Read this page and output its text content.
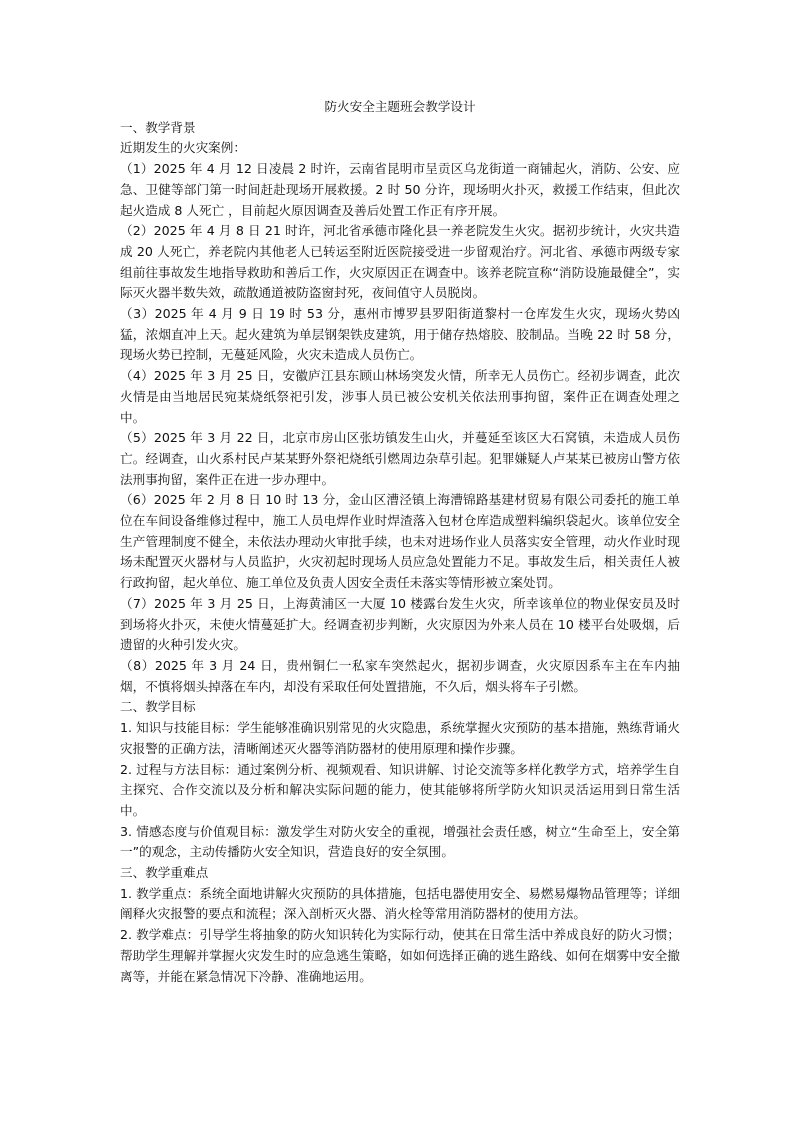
防火安全主题班会教学设计

一、教学背景

近期发生的火灾案例：

（1）2025 年 4 月 12 日凌晨 2 时许，云南省昆明市呈贡区乌龙街道一商铺起火，消防、公安、应急、卫健等部门第一时间赶赴现场开展救援。2 时 50 分许，现场明火扑灭，救援工作结束，但此次起火造成 8 人死亡 ，目前起火原因调查及善后处置工作正有序开展。

（2）2025 年 4 月 8 日 21 时许，河北省承德市隆化县一养老院发生火灾。据初步统计，火灾共造成 20 人死亡，养老院内其他老人已转运至附近医院接受进一步留观治疗。河北省、承德市两级专家组前往事故发生地指导救助和善后工作，火灾原因正在调查中。该养老院宣称“消防设施最健全”，实际灭火器半数失效，疏散通道被防盗窗封死，夜间值守人员脱岗。

（3）2025 年 4 月 9 日 19 时 53 分，惠州市博罗县罗阳街道黎村一仓库发生火灾，现场火势凶猛，浓烟直冲上天。起火建筑为单层钢架铁皮建筑，用于储存热熔胶、胶制品。当晚 22 时 58 分，现场火势已控制，无蔓延风险，火灾未造成人员伤亡。

（4）2025 年 3 月 25 日，安徽庐江县东顾山林场突发火情，所幸无人员伤亡。经初步调查，此次火情是由当地居民宛某烧纸祭祀引发，涉事人员已被公安机关依法刑事拘留，案件正在调查处理之中。

（5）2025 年 3 月 22 日，北京市房山区张坊镇发生山火，并蔓延至该区大石窝镇，未造成人员伤亡。经调查，山火系村民卢某某野外祭祀烧纸引燃周边杂草引起。犯罪嫌疑人卢某某已被房山警方依法刑事拘留，案件正在进一步办理中。

（6）2025 年 2 月 8 日 10 时 13 分，金山区漕泾镇上海漕锦路基建材贸易有限公司委托的施工单位在车间设备维修过程中，施工人员电焊作业时焊渣落入包材仓库造成塑料编织袋起火。该单位安全生产管理制度不健全，未依法办理动火审批手续，也未对进场作业人员落实安全管理，动火作业时现场未配置灭火器材与人员监护，火灾初起时现场人员应急处置能力不足。事故发生后，相关责任人被行政拘留，起火单位、施工单位及负责人因安全责任未落实等情形被立案处罚。

（7）2025 年 3 月 25 日，上海黄浦区一大厦 10 楼露台发生火灾，所幸该单位的物业保安员及时到场将火扑灭，未使火情蔓延扩大。经调查初步判断，火灾原因为外来人员在 10 楼平台处吸烟，后遗留的火种引发火灾。

（8）2025 年 3 月 24 日，贵州铜仁一私家车突然起火，据初步调查，火灾原因系车主在车内抽烟，不慎将烟头掉落在车内，却没有采取任何处置措施，不久后，烟头将车子引燃。

二、教学目标

1. 知识与技能目标：学生能够准确识别常见的火灾隐患，系统掌握火灾预防的基本措施，熟练背诵火灾报警的正确方法，清晰阐述灭火器等消防器材的使用原理和操作步骤。

2. 过程与方法目标：通过案例分析、视频观看、知识讲解、讨论交流等多样化教学方式，培养学生自主探究、合作交流以及分析和解决实际问题的能力，使其能够将所学防火知识灵活运用到日常生活中。

3. 情感态度与价值观目标：激发学生对防火安全的重视，增强社会责任感，树立“生命至上，安全第一”的观念，主动传播防火安全知识，营造良好的安全氛围。

三、教学重难点

1. 教学重点：系统全面地讲解火灾预防的具体措施，包括电器使用安全、易燃易爆物品管理等；详细阐释火灾报警的要点和流程；深入剖析灭火器、消火栓等常用消防器材的使用方法。

2. 教学难点：引导学生将抽象的防火知识转化为实际行动，使其在日常生活中养成良好的防火习惯；帮助学生理解并掌握火灾发生时的应急逃生策略，如如何选择正确的逃生路线、如何在烟雾中安全撤离等，并能在紧急情况下冷静、准确地运用。
